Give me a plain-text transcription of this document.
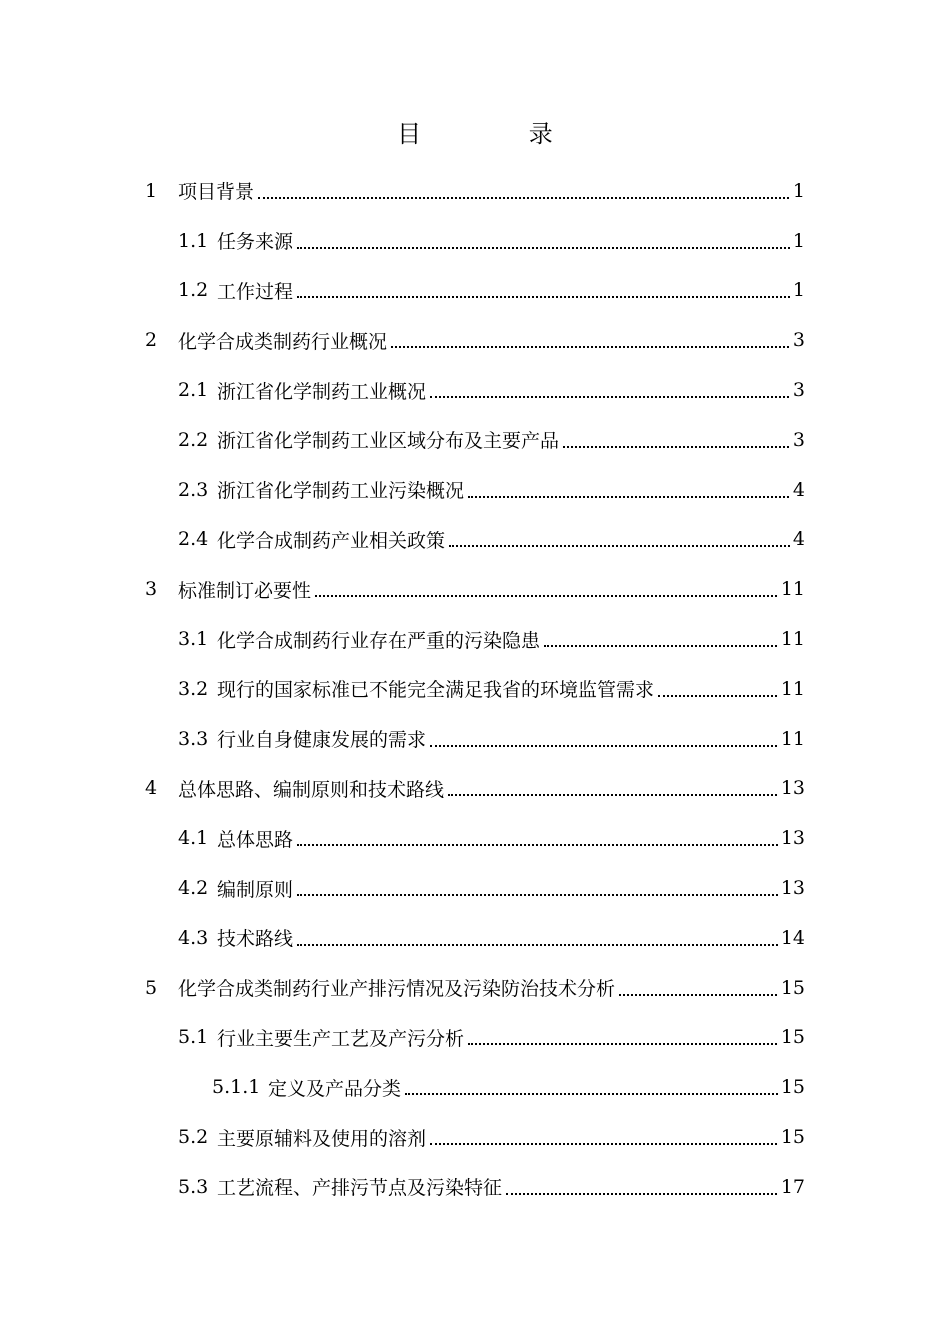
目 录
1 项目背景	1
1.1 任务来源	1
1.2 工作过程	1
2 化学合成类制药行业概况	3
2.1 浙江省化学制药工业概况	3
2.2 浙江省化学制药工业区域分布及主要产品	3
2.3 浙江省化学制药工业污染概况	4
2.4 化学合成制药产业相关政策	4
3 标准制订必要性	11
3.1 化学合成制药行业存在严重的污染隐患	11
3.2 现行的国家标准已不能完全满足我省的环境监管需求	11
3.3 行业自身健康发展的需求	11
4 总体思路、编制原则和技术路线	13
4.1 总体思路	13
4.2 编制原则	13
4.3 技术路线	14
5 化学合成类制药行业产排污情况及污染防治技术分析	15
5.1 行业主要生产工艺及产污分析	15
5.1.1 定义及产品分类	15
5.2 主要原辅料及使用的溶剂	15
5.3 工艺流程、产排污节点及污染特征	17
